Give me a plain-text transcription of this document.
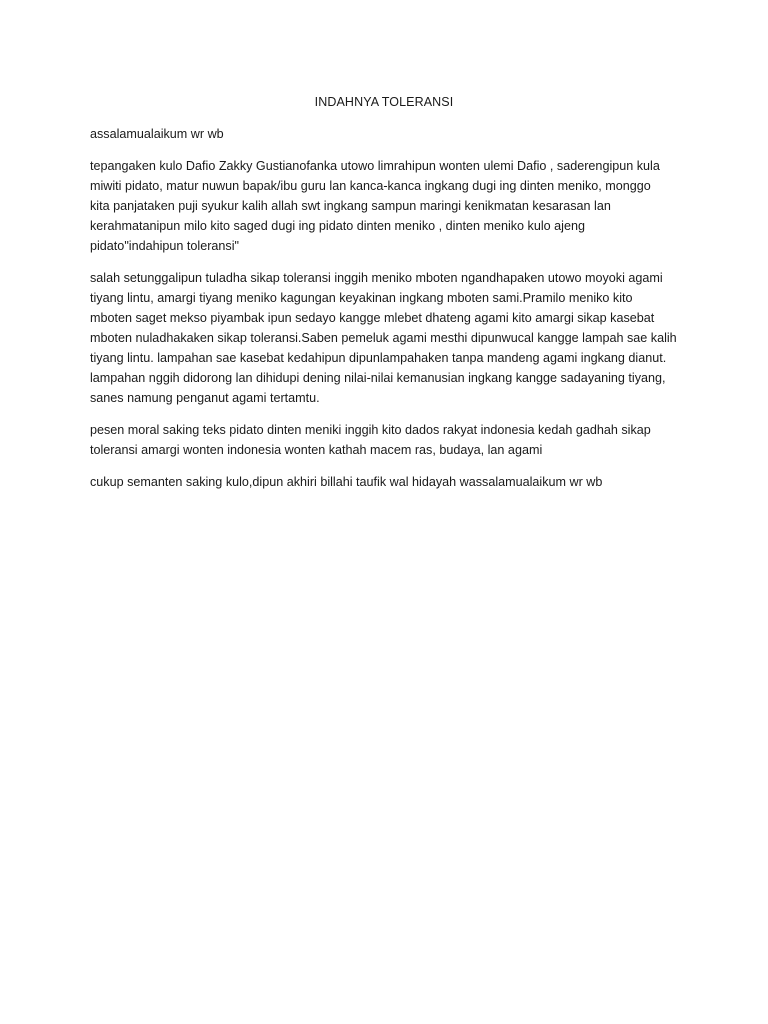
INDAHNYA TOLERANSI

assalamualaikum wr wb

tepangaken kulo Dafio Zakky Gustianofanka utowo limrahipun wonten ulemi Dafio , saderengipun kula
miwiti pidato, matur nuwun bapak/ibu guru lan kanca-kanca ingkang dugi ing dinten meniko, monggo
kita panjataken puji syukur kalih allah swt ingkang sampun maringi kenikmatan kesarasan lan
kerahmatanipun milo kito saged dugi ing pidato dinten meniko , dinten meniko kulo ajeng
pidato"indahipun toleransi"

salah setunggalipun tuladha sikap toleransi inggih meniko mboten ngandhapaken utowo moyoki agami
tiyang lintu, amargi tiyang meniko kagungan keyakinan ingkang mboten sami.Pramilo meniko kito
mboten saget mekso piyambak ipun sedayo kangge mlebet dhateng agami kito amargi sikap kasebat
mboten nuladhakaken sikap toleransi.Saben pemeluk agami mesthi dipunwucal kangge lampah sae kalih
tiyang lintu. lampahan sae kasebat kedahipun dipunlampahaken tanpa mandeng agami ingkang dianut.
lampahan nggih didorong lan dihidupi dening nilai-nilai kemanusian ingkang kangge sadayaning tiyang,
sanes namung penganut agami tertamtu.

pesen moral saking teks pidato dinten meniki inggih kito dados rakyat indonesia kedah gadhah sikap
toleransi amargi wonten indonesia wonten kathah macem ras, budaya, lan agami

cukup semanten saking kulo,dipun akhiri billahi taufik wal hidayah wassalamualaikum wr wb
